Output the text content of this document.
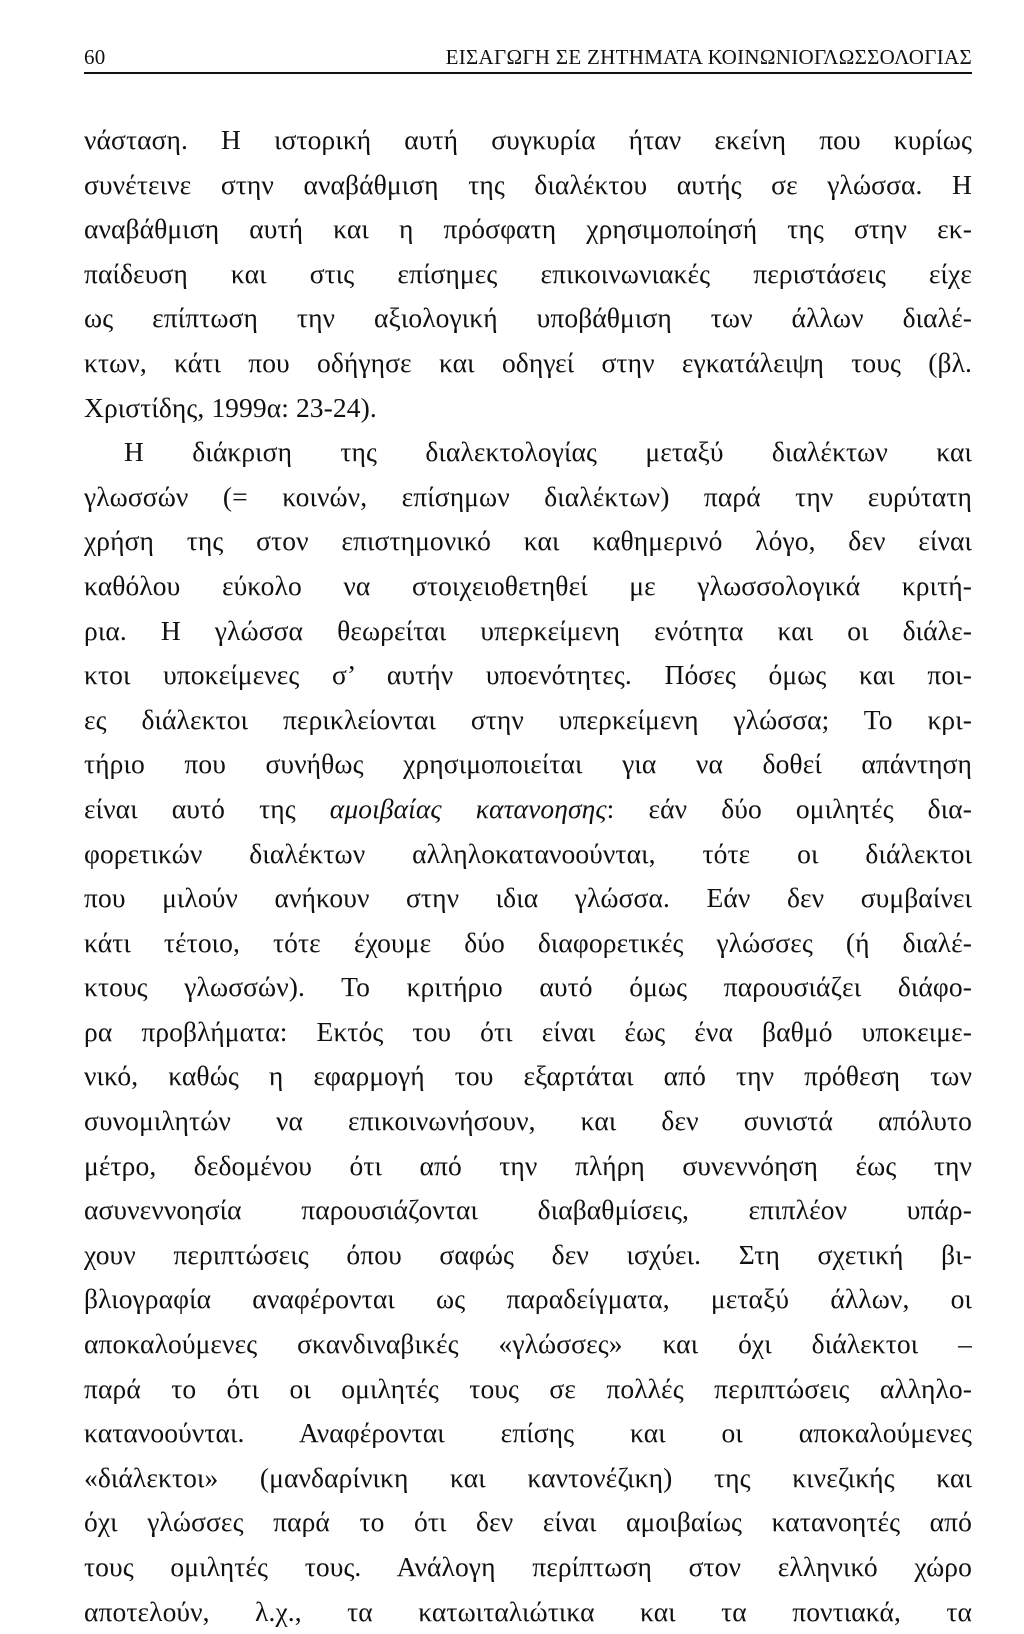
60	ΕΙΣΑΓΩΓΗ ΣΕ ΖΗΤΗΜΑΤΑ ΚΟΙΝΩΝΙΟΓΛΩΣΣΟΛΟΓΙΑΣ
νάσταση. Η ιστορική αυτή συγκυρία ήταν εκείνη που κυρίως
συνέτεινε στην αναβάθμιση της διαλέκτου αυτής σε γλώσσα. Η
αναβάθμιση αυτή και η πρόσφατη χρησιμοποίησή της στην εκ-
παίδευση και στις επίσημες επικοινωνιακές περιστάσεις είχε
ως επίπτωση την αξιολογική υποβάθμιση των άλλων διαλέ-
κτων, κάτι που οδήγησε και οδηγεί στην εγκατάλειψη τους (βλ.
Χριστίδης, 1999α: 23-24).
Η διάκριση της διαλεκτολογίας μεταξύ διαλέκτων και
γλωσσών (= κοινών, επίσημων διαλέκτων) παρά την ευρύτατη
χρήση της στον επιστημονικό και καθημερινό λόγο, δεν είναι
καθόλου εύκολο να στοιχειοθετηθεί με γλωσσολογικά κριτή-
ρια. Η γλώσσα θεωρείται υπερκείμενη ενότητα και οι διάλε-
κτοι υποκείμενες σ’ αυτήν υποενότητες. Πόσες όμως και ποι-
ες διάλεκτοι περικλείονται στην υπερκείμενη γλώσσα; Το κρι-
τήριο που συνήθως χρησιμοποιείται για να δοθεί απάντηση
είναι αυτό της αμοιβαίας κατανοησης: εάν δύο ομιλητές δια-
φορετικών διαλέκτων αλληλοκατανοούνται, τότε οι διάλεκτοι
που μιλούν ανήκουν στην ιδια γλώσσα. Εάν δεν συμβαίνει
κάτι τέτοιο, τότε έχουμε δύο διαφορετικές γλώσσες (ή διαλέ-
κτους γλωσσών). Το κριτήριο αυτό όμως παρουσιάζει διάφο-
ρα προβλήματα: Εκτός του ότι είναι έως ένα βαθμό υποκειμε-
νικό, καθώς η εφαρμογή του εξαρτάται από την πρόθεση των
συνομιλητών να επικοινωνήσουν, και δεν συνιστά απόλυτο
μέτρο, δεδομένου ότι από την πλήρη συνεννόηση έως την
ασυνεννοησία παρουσιάζονται διαβαθμίσεις, επιπλέον υπάρ-
χουν περιπτώσεις όπου σαφώς δεν ισχύει. Στη σχετική βι-
βλιογραφία αναφέρονται ως παραδείγματα, μεταξύ άλλων, οι
αποκαλούμενες σκανδιναβικές «γλώσσες» και όχι διάλεκτοι –
παρά το ότι οι ομιλητές τους σε πολλές περιπτώσεις αλληλο-
κατανοούνται. Αναφέρονται επίσης και οι αποκαλούμενες
«διάλεκτοι» (μανδαρίνικη και καντονέζικη) της κινεζικής και
όχι γλώσσες παρά το ότι δεν είναι αμοιβαίως κατανοητές από
τους ομιλητές τους. Ανάλογη περίπτωση στον ελληνικό χώρο
αποτελούν, λ.χ., τα κατωιταλιώτικα και τα ποντιακά, τα
